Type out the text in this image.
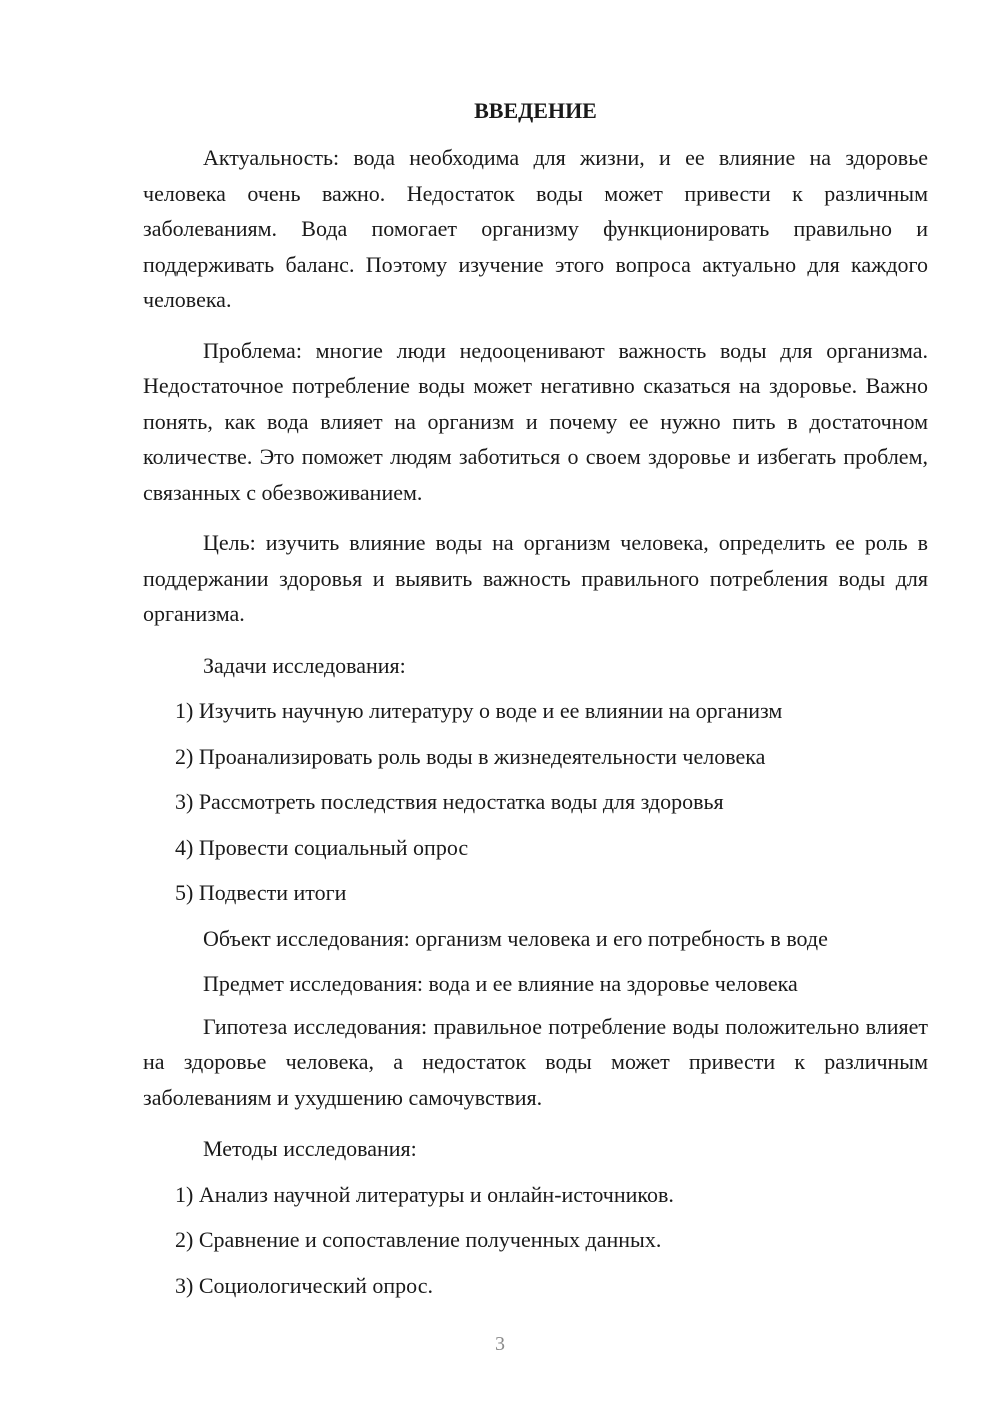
ВВЕДЕНИЕ

Актуальность: вода необходима для жизни, и ее влияние на здоровье человека очень важно. Недостаток воды может привести к различным заболеваниям. Вода помогает организму функционировать правильно и поддерживать баланс. Поэтому изучение этого вопроса актуально для каждого человека.

Проблема: многие люди недооценивают важность воды для организма. Недостаточное потребление воды может негативно сказаться на здоровье. Важно понять, как вода влияет на организм и почему ее нужно пить в достаточном количестве. Это поможет людям заботиться о своем здоровье и избегать проблем, связанных с обезвоживанием.

Цель: изучить влияние воды на организм человека, определить ее роль в поддержании здоровья и выявить важность правильного потребления воды для организма.

Задачи исследования:
1) Изучить научную литературу о воде и ее влиянии на организм
2) Проанализировать роль воды в жизнедеятельности человека
3) Рассмотреть последствия недостатка воды для здоровья
4) Провести социальный опрос
5) Подвести итоги
Объект исследования: организм человека и его потребность в воде
Предмет исследования: вода и ее влияние на здоровье человека

Гипотеза исследования: правильное потребление воды положительно влияет на здоровье человека, а недостаток воды может привести к различным заболеваниям и ухудшению самочувствия.

Методы исследования:
1) Анализ научной литературы и онлайн-источников.
2) Сравнение и сопоставление полученных данных.
3) Социологический опрос.
3
